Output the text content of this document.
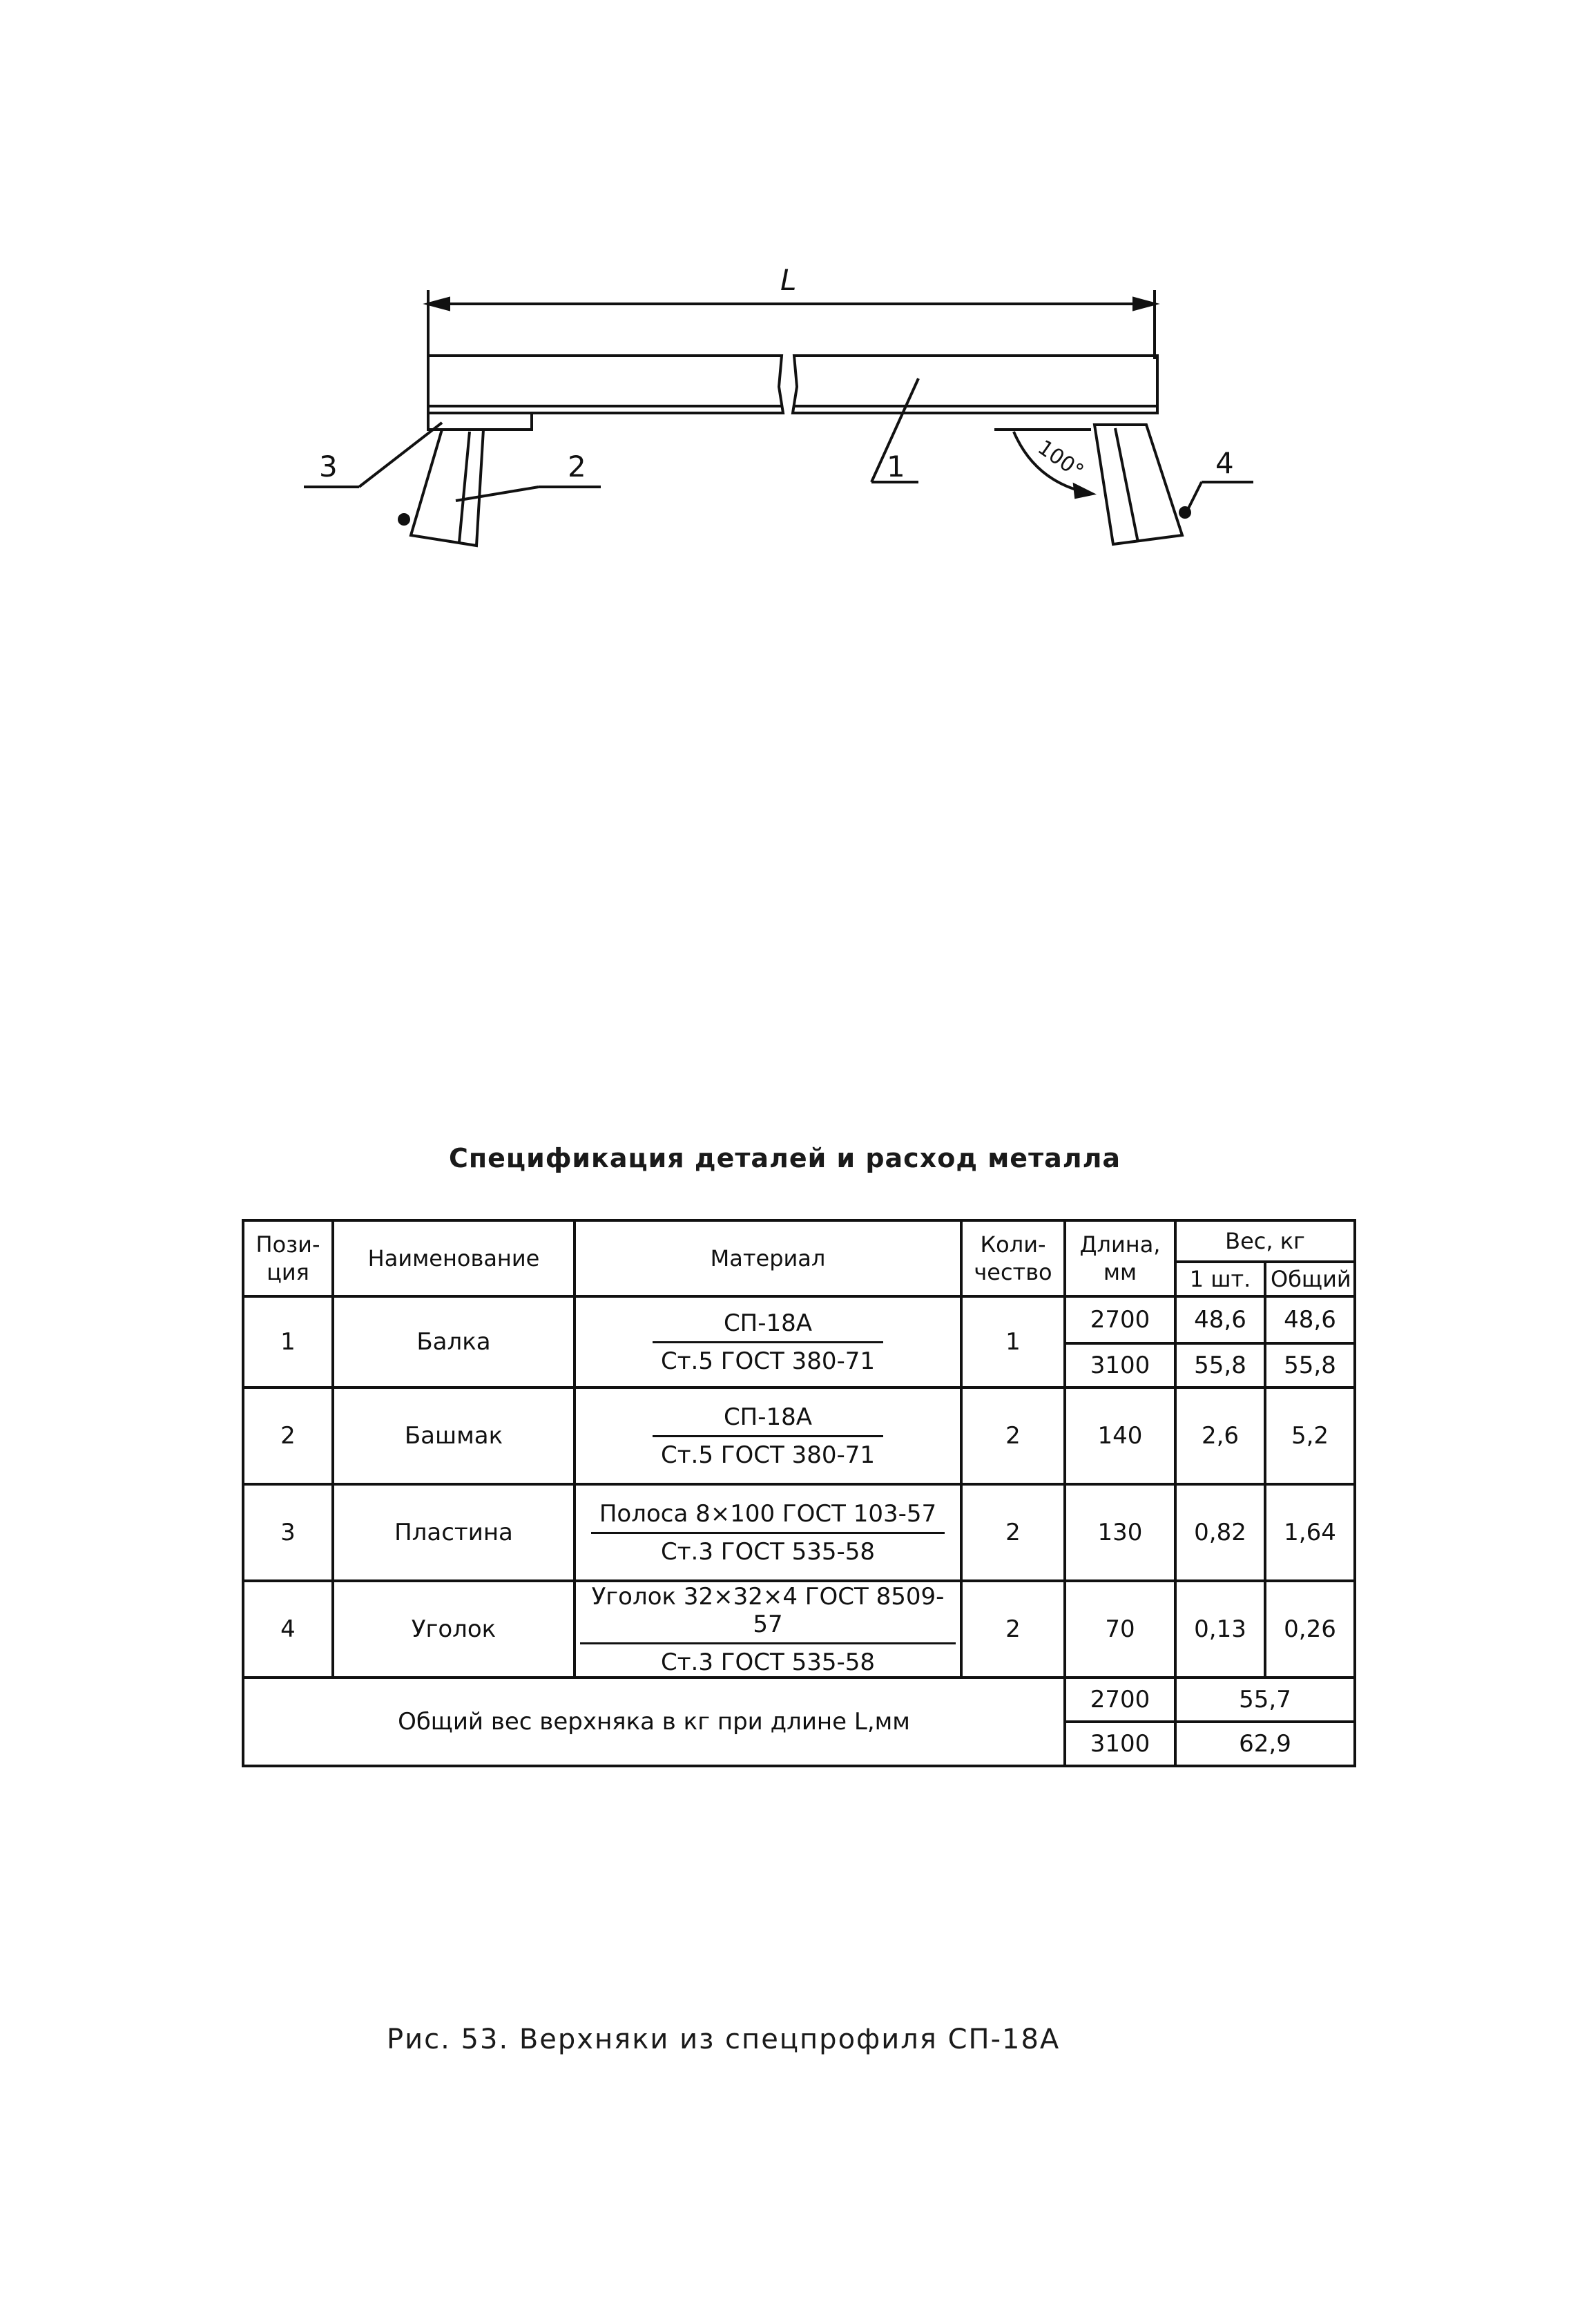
L
3	2	1	4
100°
Спецификация деталей и расход металла
Пози-ция	Наименование	Материал	Коли-чество	Длина, мм	Вес, кг	
					1 шт.	Общий
1	Балка	$\frac{СП-18А}{\text{Ст.5 ГОСТ 380-71}}$	1	2700	48,6	48,6
				3100	55,8	55,8
2	Башмак	$\frac{СП-18А}{\text{Ст.5 ГОСТ 380-71}}$	2	140	2,6	5,2
3	Пластина	$\frac{\text{Полоса 8×100 ГОСТ 103-57}}{\text{Ст.3 ГОСТ 535-58}}$	2	130	0,82	1,64
4	Уголок	$\frac{\text{Уголок 32×32×4 ГОСТ 8509-57}}{\text{Ст.3 ГОСТ 535-58}}$	2	70	0,13	0,26
Общий вес верхняка в кг при длине L,мм				2700	55,7	
				3100	62,9	
Рис. 53. Верхняки из спецпрофиля СП-18А
